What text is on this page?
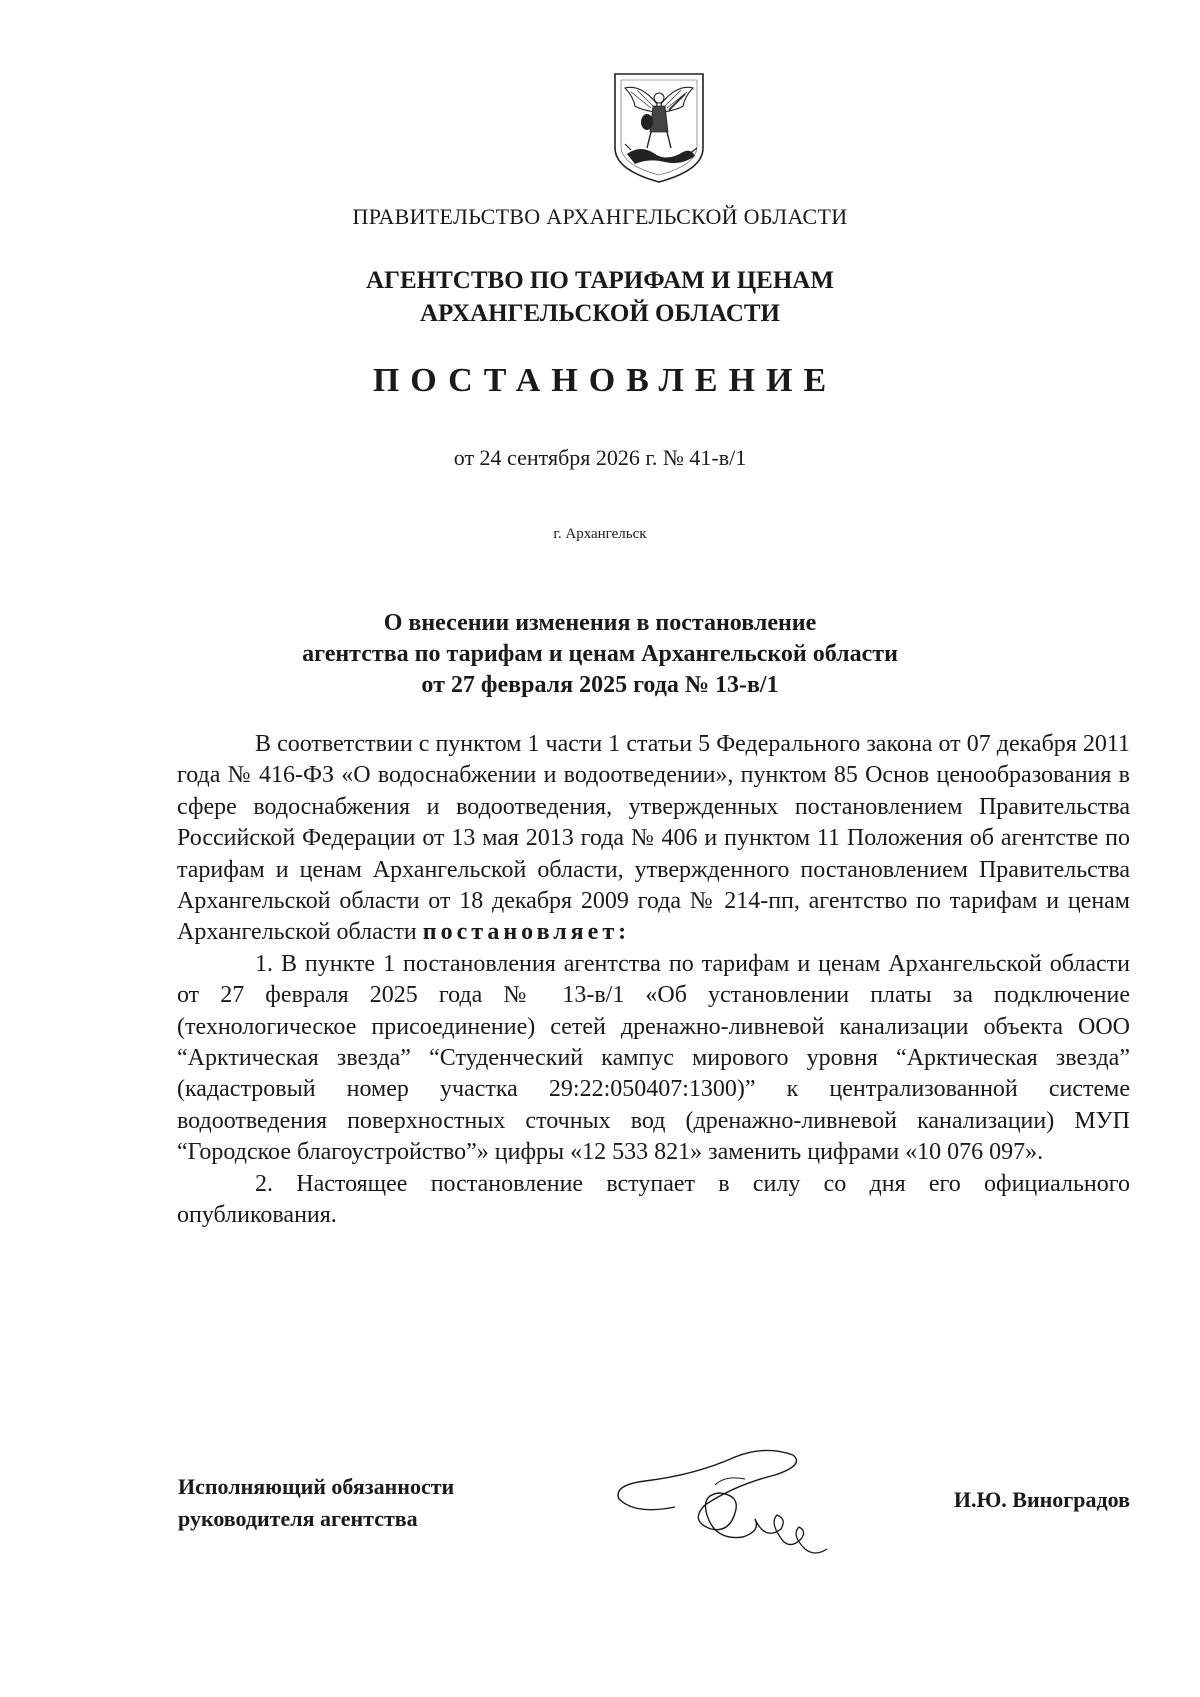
ПРАВИТЕЛЬСТВО АРХАНГЕЛЬСКОЙ ОБЛАСТИ
АГЕНТСТВО ПО ТАРИФАМ И ЦЕНАМ
АРХАНГЕЛЬСКОЙ ОБЛАСТИ
ПОСТАНОВЛЕНИЕ
от 24 сентября 2026 г. № 41-в/1
г. Архангельск
О внесении изменения в постановление
агентства по тарифам и ценам Архангельской области
от 27 февраля 2025 года № 13-в/1

В соответствии с пунктом 1 части 1 статьи 5 Федерального закона от 07 декабря 2011 года № 416-ФЗ «О водоснабжении и водоотведении», пунктом 85 Основ ценообразования в сфере водоснабжения и водоотведения, утвержденных постановлением Правительства Российской Федерации от 13 мая 2013 года № 406 и пунктом 11 Положения об агентстве по тарифам и ценам Архангельской области, утвержденного постановлением Правительства Архангельской области от 18 декабря 2009 года № 214-пп, агентство по тарифам и ценам Архангельской области постановляет:

1. В пункте 1 постановления агентства по тарифам и ценам Архангельской области от 27 февраля 2025 года № 13-в/1 «Об установлении платы за подключение (технологическое присоединение) сетей дренажно-ливневой канализации объекта ООО “Арктическая звезда” “Студенческий кампус мирового уровня “Арктическая звезда” (кадастровый номер участка 29:22:050407:1300)” к централизованной системе водоотведения поверхностных сточных вод (дренажно-ливневой канализации) МУП “Городское благоустройство”» цифры «12 533 821» заменить цифрами «10 076 097».

2. Настоящее постановление вступает в силу со дня его официального опубликования.

Исполняющий обязанности
руководителя агентства
И.Ю. Виноградов
